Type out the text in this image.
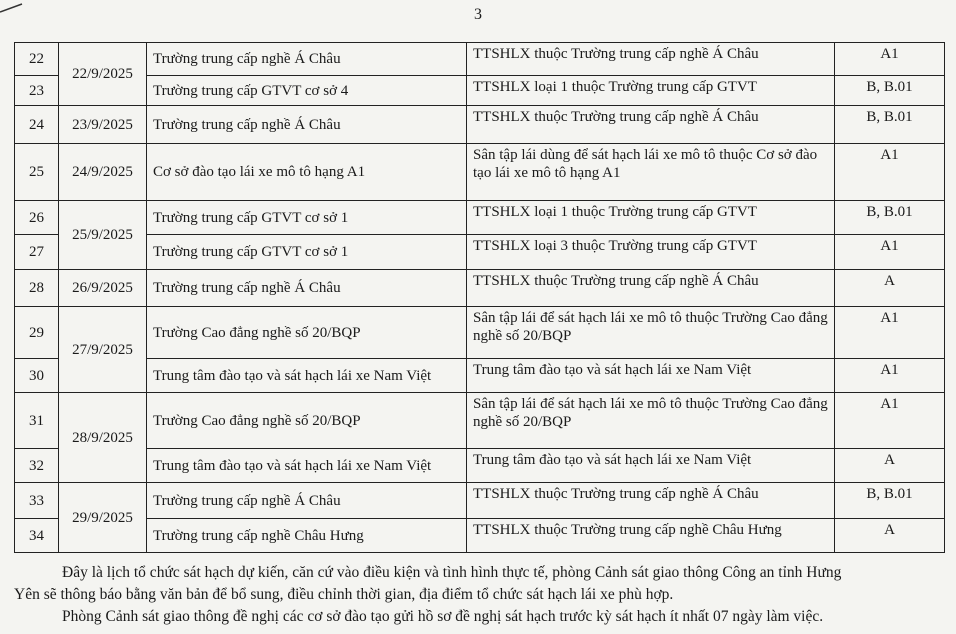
3
22	22/9/2025	Trường trung cấp nghề Á Châu	TTSHLX thuộc Trường trung cấp nghề Á Châu	A1
23		Trường trung cấp GTVT cơ sở 4	TTSHLX loại 1 thuộc Trường trung cấp GTVT	B, B.01
24	23/9/2025	Trường trung cấp nghề Á Châu	TTSHLX thuộc Trường trung cấp nghề Á Châu	B, B.01
25	24/9/2025	Cơ sở đào tạo lái xe mô tô hạng A1	Sân tập lái dùng để sát hạch lái xe mô tô thuộc Cơ sở đào tạo lái xe mô tô hạng A1	A1
26	25/9/2025	Trường trung cấp GTVT cơ sở 1	TTSHLX loại 1 thuộc Trường trung cấp GTVT	B, B.01
27		Trường trung cấp GTVT cơ sở 1	TTSHLX loại 3 thuộc Trường trung cấp GTVT	A1
28	26/9/2025	Trường trung cấp nghề Á Châu	TTSHLX thuộc Trường trung cấp nghề Á Châu	A
29	27/9/2025	Trường Cao đẳng nghề số 20/BQP	Sân tập lái để sát hạch lái xe mô tô thuộc Trường Cao đẳng nghề số 20/BQP	A1
30		Trung tâm đào tạo và sát hạch lái xe Nam Việt	Trung tâm đào tạo và sát hạch lái xe Nam Việt	A1
31	28/9/2025	Trường Cao đẳng nghề số 20/BQP	Sân tập lái để sát hạch lái xe mô tô thuộc Trường Cao đẳng nghề số 20/BQP	A1
32		Trung tâm đào tạo và sát hạch lái xe Nam Việt	Trung tâm đào tạo và sát hạch lái xe Nam Việt	A
33	29/9/2025	Trường trung cấp nghề Á Châu	TTSHLX thuộc Trường trung cấp nghề Á Châu	B, B.01
34		Trường trung cấp nghề Châu Hưng	TTSHLX thuộc Trường trung cấp nghề Châu Hưng	A
Đây là lịch tổ chức sát hạch dự kiến, căn cứ vào điều kiện và tình hình thực tế, phòng Cảnh sát giao thông Công an tỉnh Hưng
Yên sẽ thông báo bằng văn bản để bổ sung, điều chỉnh thời gian, địa điểm tổ chức sát hạch lái xe phù hợp.
Phòng Cảnh sát giao thông đề nghị các cơ sở đào tạo gửi hồ sơ đề nghị sát hạch trước kỳ sát hạch ít nhất 07 ngày làm việc.
